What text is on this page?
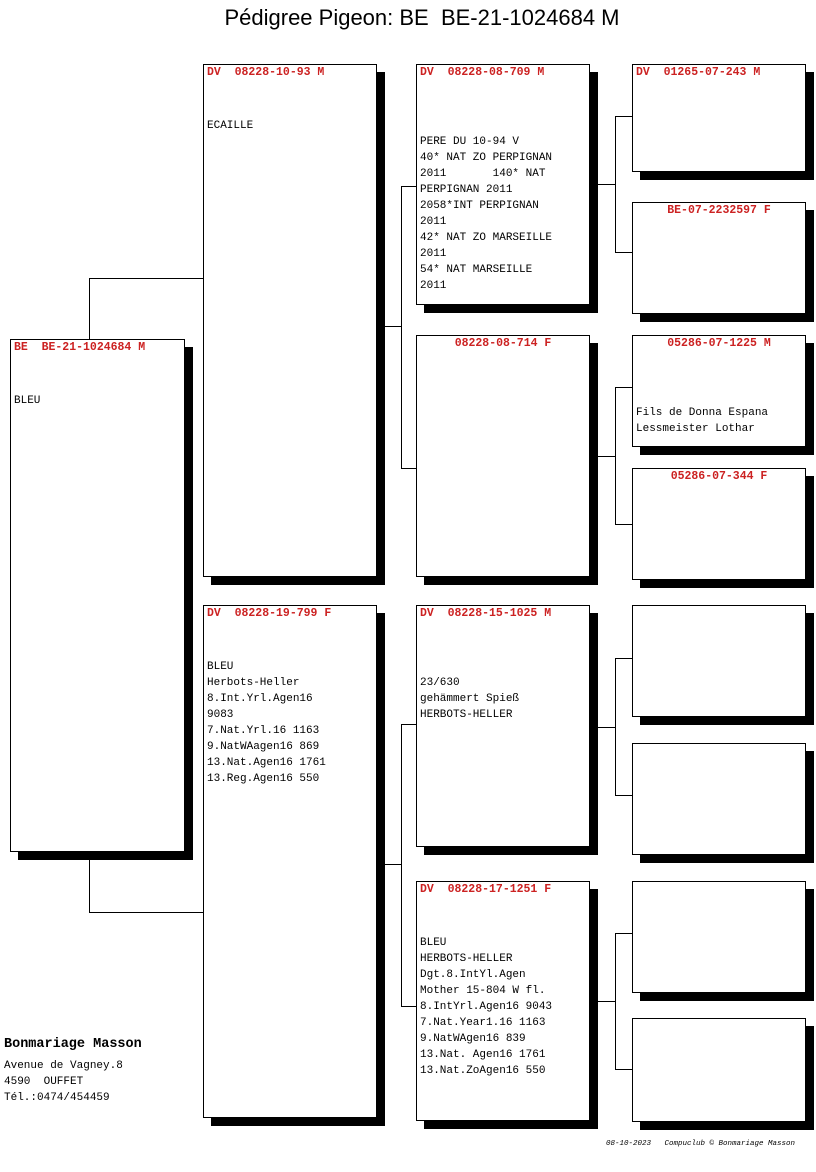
Pédigree Pigeon: BE  BE-21-1024684 M
BE  BE-21-1024684 M
BLEU
DV  08228-10-93 M
ECAILLE
DV  08228-19-799 F
BLEU
Herbots-Heller
8.Int.Yrl.Agen16
9083
7.Nat.Yrl.16 1163
9.NatWAagen16 869
13.Nat.Agen16 1761
13.Reg.Agen16 550
DV  08228-08-709 M
PERE DU 10-94 V
40* NAT ZO PERPIGNAN
2011       140* NAT
PERPIGNAN 2011
2058*INT PERPIGNAN
2011
42* NAT ZO MARSEILLE
2011
54* NAT MARSEILLE
2011
08228-08-714 F
DV  08228-15-1025 M
23/630
gehämmert Spieß
HERBOTS-HELLER
DV  08228-17-1251 F
BLEU
HERBOTS-HELLER
Dgt.8.IntYl.Agen
Mother 15-804 W fl.
8.IntYrl.Agen16 9043
7.Nat.Year1.16 1163
9.NatWAgen16 839
13.Nat. Agen16 1761
13.Nat.ZoAgen16 550
DV  01265-07-243 M
BE-07-2232597 F
05286-07-1225 M
Fils de Donna Espana
Lessmeister Lothar
05286-07-344 F
Bonmariage Masson
Avenue de Vagney.8
4590  OUFFET
Tél.:0474/454459
08-10-2023   Compuclub © Bonmariage Masson
